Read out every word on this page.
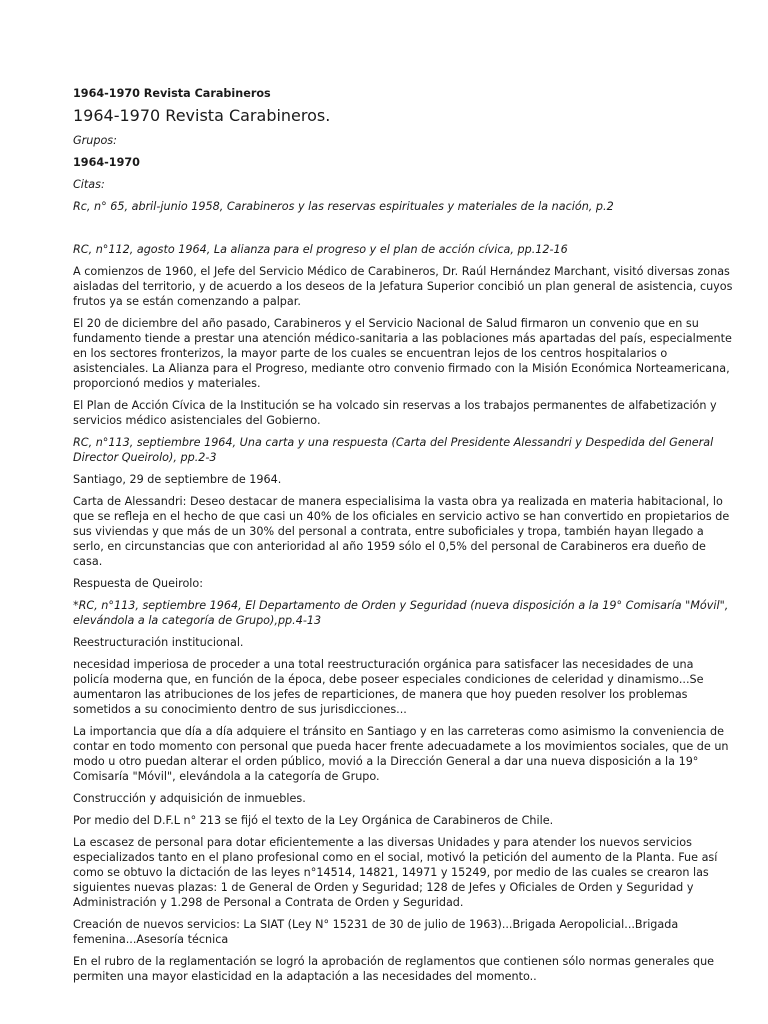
1964-1970 Revista Carabineros
1964-1970 Revista Carabineros.
Grupos:
1964-1970
Citas:
Rc, n° 65, abril-junio 1958, Carabineros y las reservas espirituales y materiales de la nación, p.2
RC, n°112, agosto 1964, La alianza para el progreso y el plan de acción cívica, pp.12-16
A comienzos de 1960, el Jefe del Servicio Médico de Carabineros, Dr. Raúl Hernández Marchant, visitó diversas zonas aisladas del territorio, y de acuerdo a los deseos de la Jefatura Superior concibió un plan general de asistencia, cuyos frutos ya se están comenzando a palpar.
El 20 de diciembre del año pasado, Carabineros y el Servicio Nacional de Salud firmaron un convenio que en su fundamento tiende a prestar una atención médico-sanitaria a las poblaciones más apartadas del país, especialmente en los sectores fronterizos, la mayor parte de los cuales se encuentran lejos de los centros hospitalarios o asistenciales. La Alianza para el Progreso, mediante otro convenio firmado con la Misión Económica Norteamericana, proporcionó medios y materiales.
El Plan de Acción Cívica de la Institución se ha volcado sin reservas a los trabajos permanentes de alfabetización y servicios médico asistenciales del Gobierno.
RC, n°113, septiembre 1964, Una carta y una respuesta (Carta del Presidente Alessandri y Despedida del General Director Queirolo), pp.2-3
Santiago, 29 de septiembre de 1964.
Carta de Alessandri: Deseo destacar de manera especialisima la vasta obra ya realizada en materia habitacional, lo que se refleja en el hecho de que casi un 40% de los oficiales en servicio activo se han convertido en propietarios de sus viviendas y que más de un 30% del personal a contrata, entre suboficiales y tropa, también hayan llegado a serlo, en circunstancias que con anterioridad al año 1959 sólo el 0,5% del personal de Carabineros era dueño de casa.
Respuesta de Queirolo:
*RC, n°113, septiembre 1964, El Departamento de Orden y Seguridad (nueva disposición a la 19° Comisaría "Móvil", elevándola a la categoría de Grupo),pp.4-13
Reestructuración institucional.
necesidad imperiosa de proceder a una total reestructuración orgánica para satisfacer las necesidades de una policía moderna que, en función de la época, debe poseer especiales condiciones de celeridad y dinamismo...Se aumentaron las atribuciones de los jefes de reparticiones, de manera que hoy pueden resolver los problemas sometidos a su conocimiento dentro de sus jurisdicciones...
La importancia que día a día adquiere el tránsito en Santiago y en las carreteras como asimismo la conveniencia de contar en todo momento con personal que pueda hacer frente adecuadamete a los movimientos sociales, que de un modo u otro puedan alterar el orden público, movió a la Dirección General a dar una nueva disposición a la 19° Comisaría "Móvil", elevándola a la categoría de Grupo.
Construcción y adquisición de inmuebles.
Por medio del D.F.L n° 213 se fijó el texto de la Ley Orgánica de Carabineros de Chile.
La escasez de personal para dotar eficientemente a las diversas Unidades y para atender los nuevos servicios especializados tanto en el plano profesional como en el social, motivó la petición del aumento de la Planta. Fue así como se obtuvo la dictación de las leyes n°14514, 14821, 14971 y 15249, por medio de las cuales se crearon las siguientes nuevas plazas: 1 de General de Orden y Seguridad; 128 de Jefes y Oficiales de Orden y Seguridad y Administración y 1.298 de Personal a Contrata de Orden y Seguridad.
Creación de nuevos servicios: La SIAT (Ley N° 15231 de 30 de julio de 1963)...Brigada Aeropolicial...Brigada femenina...Asesoría técnica
En el rubro de la reglamentación se logró la aprobación de reglamentos que contienen sólo normas generales que permiten una mayor elasticidad en la adaptación a las necesidades del momento..
